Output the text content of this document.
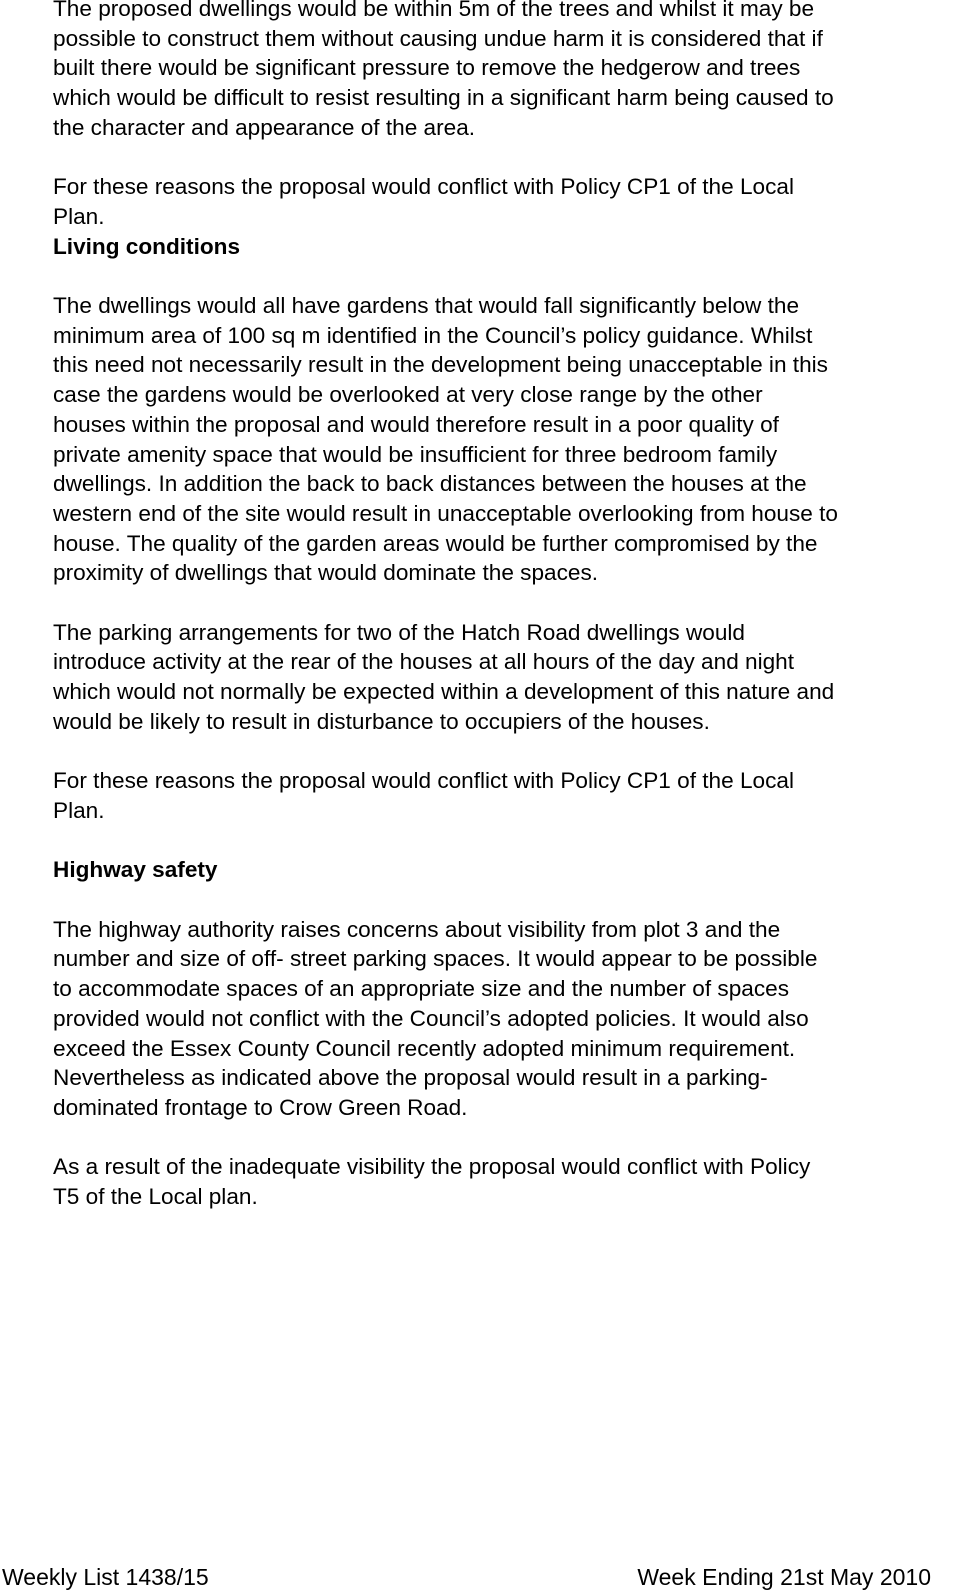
The proposed dwellings would be within 5m of the trees and whilst it may be
possible to construct them without causing undue harm it is considered that if
built there would be significant pressure to remove the hedgerow and trees
which would be difficult to resist resulting in a significant harm being caused to
the character and appearance of the area.

For these reasons the proposal would conflict with Policy CP1 of the Local
Plan.

Living conditions

The dwellings would all have gardens that would fall significantly below the
minimum area of 100 sq m identified in the Council’s policy guidance. Whilst
this need not necessarily result in the development being unacceptable in this
case the gardens would be overlooked at very close range by the other
houses within the proposal and would therefore result in a poor quality of
private amenity space that would be insufficient for three bedroom family
dwellings. In addition the back to back distances between the houses at the
western end of the site would result in unacceptable overlooking from house to
house. The quality of the garden areas would be further compromised by the
proximity of dwellings that would dominate the spaces.

The parking arrangements for two of the Hatch Road dwellings would
introduce activity at the rear of the houses at all hours of the day and night
which would not normally be expected within a development of this nature and
would be likely to result in disturbance to occupiers of the houses.

For these reasons the proposal would conflict with Policy CP1 of the Local
Plan.

Highway safety

The highway authority raises concerns about visibility from plot 3 and the
number and size of off- street parking spaces. It would appear to be possible
to accommodate spaces of an appropriate size and the number of spaces
provided would not conflict with the Council’s adopted policies. It would also
exceed the Essex County Council recently adopted minimum requirement.
Nevertheless as indicated above the proposal would result in a parking-
dominated frontage to Crow Green Road.

As a result of the inadequate visibility the proposal would conflict with Policy
T5 of the Local plan.

Weekly List 1438/15	Week Ending 21st May 2010
